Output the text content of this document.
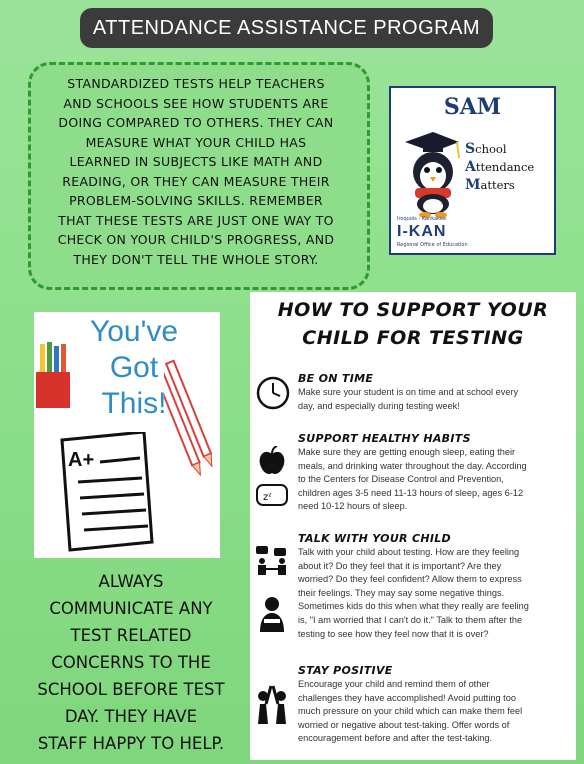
ATTENDANCE ASSISTANCE PROGRAM
STANDARDIZED TESTS HELP TEACHERS
AND SCHOOLS SEE HOW STUDENTS ARE
DOING COMPARED TO OTHERS. THEY CAN
MEASURE WHAT YOUR CHILD HAS
LEARNED IN SUBJECTS LIKE MATH AND
READING, OR THEY CAN MEASURE THEIR
PROBLEM-SOLVING SKILLS. REMEMBER
THAT THESE TESTS ARE JUST ONE WAY TO
CHECK ON YOUR CHILD'S PROGRESS, AND
THEY DON'T TELL THE WHOLE STORY.
SAM
School
Attendance
Matters
Iroquois - Kankakee
I-KAN
Regional Office of Education
A+
You've
Got
This!
ALWAYS
COMMUNICATE ANY
TEST RELATED
CONCERNS TO THE
SCHOOL BEFORE TEST
DAY. THEY HAVE
STAFF HAPPY TO HELP.
HOW TO SUPPORT YOUR
CHILD FOR TESTING
BE ON TIME
Make sure your student is on time and at school every
day, and especially during testing week!
zᶻ
SUPPORT HEALTHY HABITS
Make sure they are getting enough sleep, eating their
meals, and drinking water throughout the day. According
to the Centers for Disease Control and Prevention,
children ages 3-5 need 11-13 hours of sleep, ages 6-12
need 10-12 hours of sleep.
TALK WITH YOUR CHILD
Talk with your child about testing. How are they feeling
about it? Do they feel that it is important? Are they
worried? Do they feel confident? Allow them to express
their feelings. They may say some negative things.
Sometimes kids do this when what they really are feeling
is, "I am worried that I can't do it." Talk to them after the
testing to see how they feel now that it is over?
STAY POSITIVE
Encourage your child and remind them of other
challenges they have accomplished! Avoid putting too
much pressure on your child which can make them feel
worried or negative about test-taking. Offer words of
encouragement before and after the test-taking.
